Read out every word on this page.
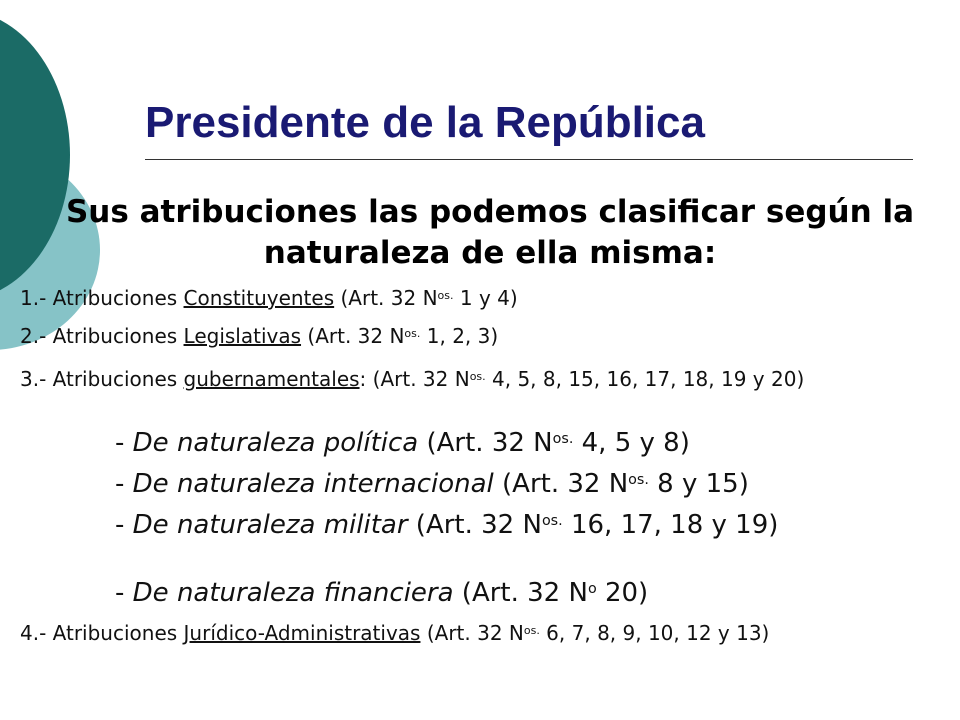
Presidente de la República

Sus atribuciones las podemos clasificar según la naturaleza de ella misma:

1.- Atribuciones Constituyentes (Art. 32 $N^{os.}$ 1 y 4)
2.- Atribuciones Legislativas (Art. 32 $N^{os.}$ 1, 2, 3)
3.- Atribuciones gubernamentales: (Art. 32 $N^{os.}$ 4, 5, 8, 15, 16, 17, 18, 19 y 20)
- De naturaleza política (Art. 32 $N^{os.}$ 4, 5 y 8)
- De naturaleza internacional (Art. 32 $N^{os.}$ 8 y 15)
- De naturaleza militar (Art. 32 $N^{os.}$ 16, 17, 18 y 19)
- De naturaleza financiera (Art. 32 $N^o$ 20)
4.- Atribuciones Jurídico-Administrativas (Art. 32 $N^{os.}$ 6, 7, 8, 9, 10, 12 y 13)
